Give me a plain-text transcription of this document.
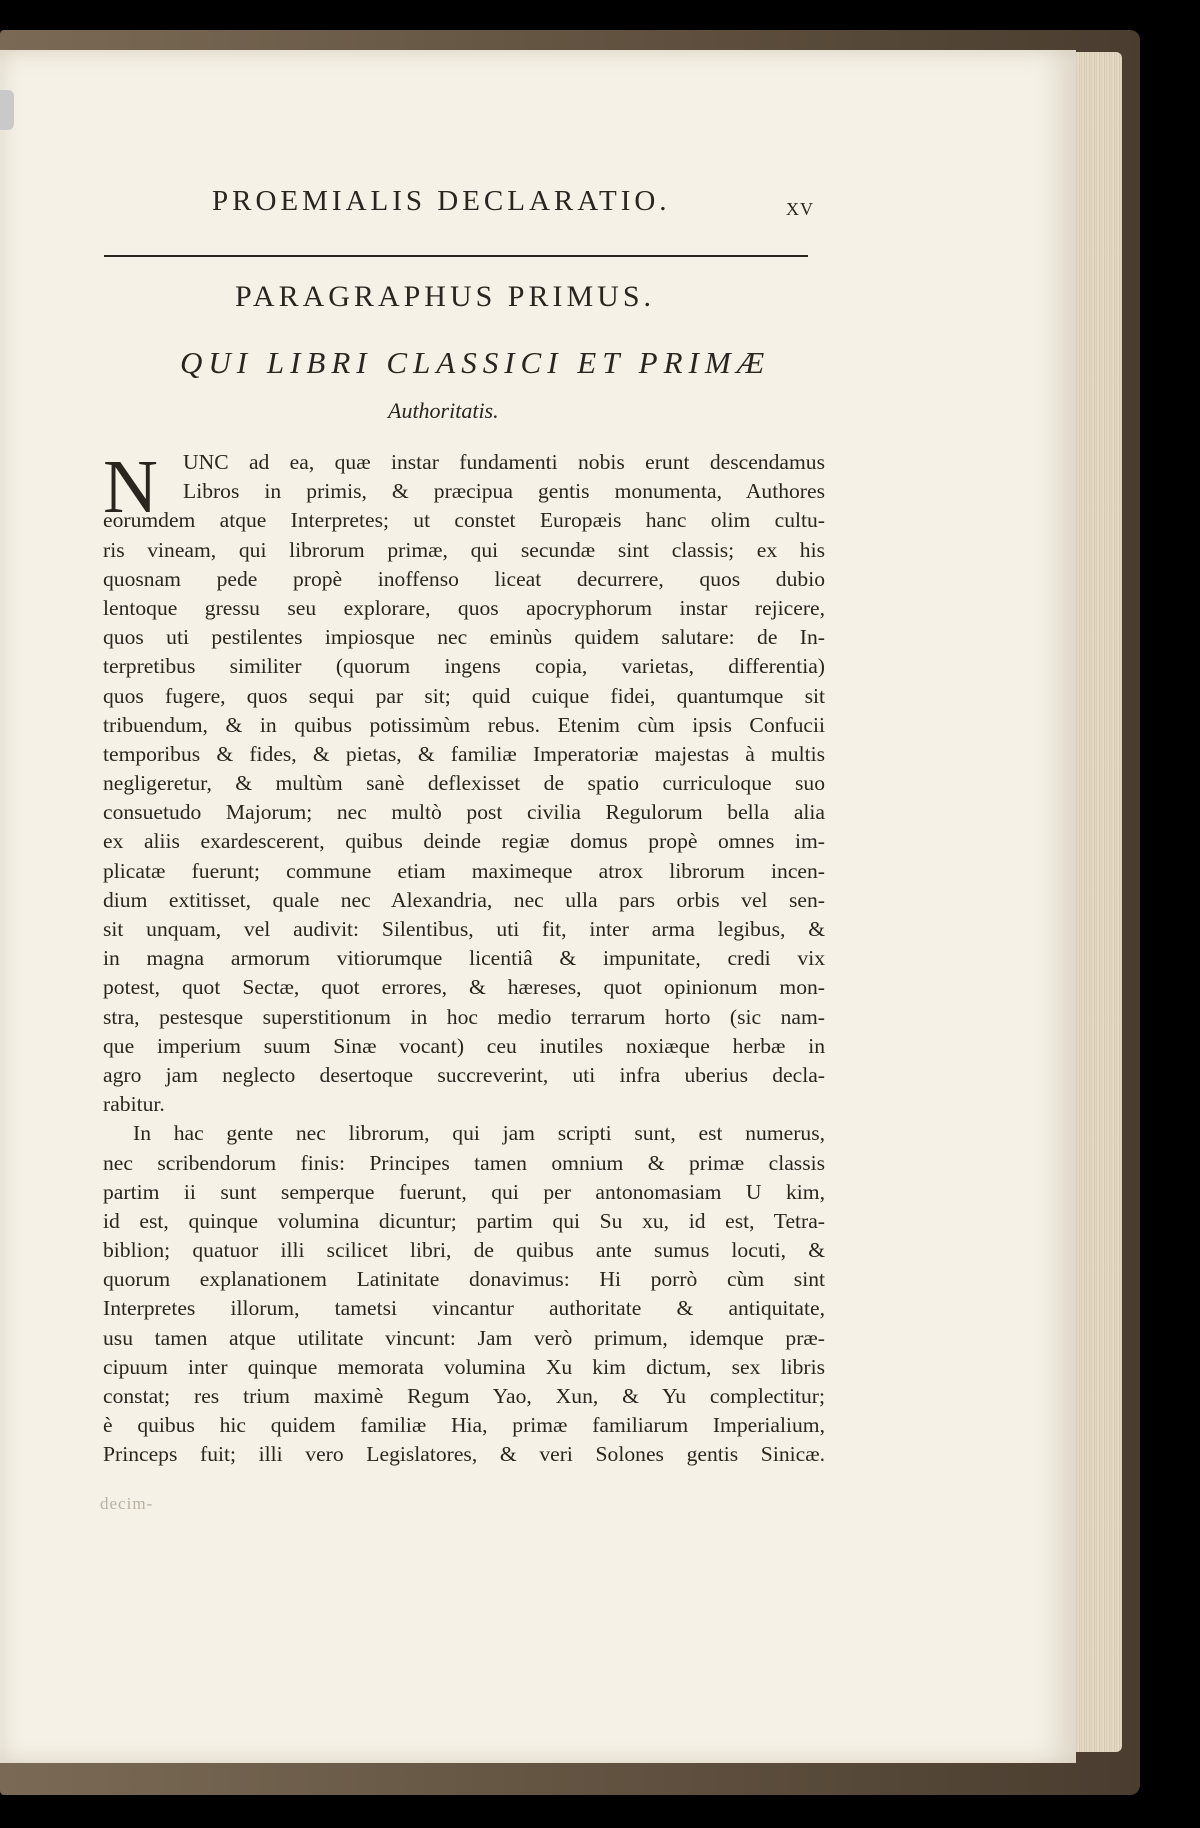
PROEMIALIS DECLARATIO.	xv
PARAGRAPHUS PRIMUS.
QUI LIBRI CLASSICI ET PRIMÆ
Authoritatis.
N	UNC ad ea, quæ instar fundamenti nobis erunt descendamus
Libros in primis, & præcipua gentis monumenta, Authores
eorumdem atque Interpretes; ut constet Europæis hanc olim cultu-
ris vineam, qui librorum primæ, qui secundæ sint classis; ex his
quosnam pede propè inoffenso liceat decurrere, quos dubio
lentoque gressu seu explorare, quos apocryphorum instar rejicere,
quos uti pestilentes impiosque nec eminùs quidem salutare: de In-
terpretibus similiter (quorum ingens copia, varietas, differentia)
quos fugere, quos sequi par sit; quid cuique fidei, quantumque sit
tribuendum, & in quibus potissimùm rebus. Etenim cùm ipsis Confucii
temporibus & fides, & pietas, & familiæ Imperatoriæ majestas à multis
negligeretur, & multùm sanè deflexisset de spatio curriculoque suo
consuetudo Majorum; nec multò post civilia Regulorum bella alia
ex aliis exardescerent, quibus deinde regiæ domus propè omnes im-
plicatæ fuerunt; commune etiam maximeque atrox librorum incen-
dium extitisset, quale nec Alexandria, nec ulla pars orbis vel sen-
sit unquam, vel audivit: Silentibus, uti fit, inter arma legibus, &
in magna armorum vitiorumque licentiâ & impunitate, credi vix
potest, quot Sectæ, quot errores, & hæreses, quot opinionum mon-
stra, pestesque superstitionum in hoc medio terrarum horto (sic nam-
que imperium suum Sinæ vocant) ceu inutiles noxiæque herbæ in
agro jam neglecto desertoque succreverint, uti infra uberius decla-
rabitur.
In hac gente nec librorum, qui jam scripti sunt, est numerus,
nec scribendorum finis: Principes tamen omnium & primæ classis
partim ii sunt semperque fuerunt, qui per antonomasiam U kim,
id est, quinque volumina dicuntur; partim qui Su xu, id est, Tetra-
biblion; quatuor illi scilicet libri, de quibus ante sumus locuti, &
quorum explanationem Latinitate donavimus: Hi porrò cùm sint
Interpretes illorum, tametsi vincantur authoritate & antiquitate,
usu tamen atque utilitate vincunt: Jam verò primum, idemque præ-
cipuum inter quinque memorata volumina Xu kim dictum, sex libris
constat; res trium maximè Regum Yao, Xun, & Yu complectitur;
è quibus hic quidem familiæ Hia, primæ familiarum Imperialium,
Princeps fuit; illi vero Legislatores, & veri Solones gentis Sinicæ.
decim-
